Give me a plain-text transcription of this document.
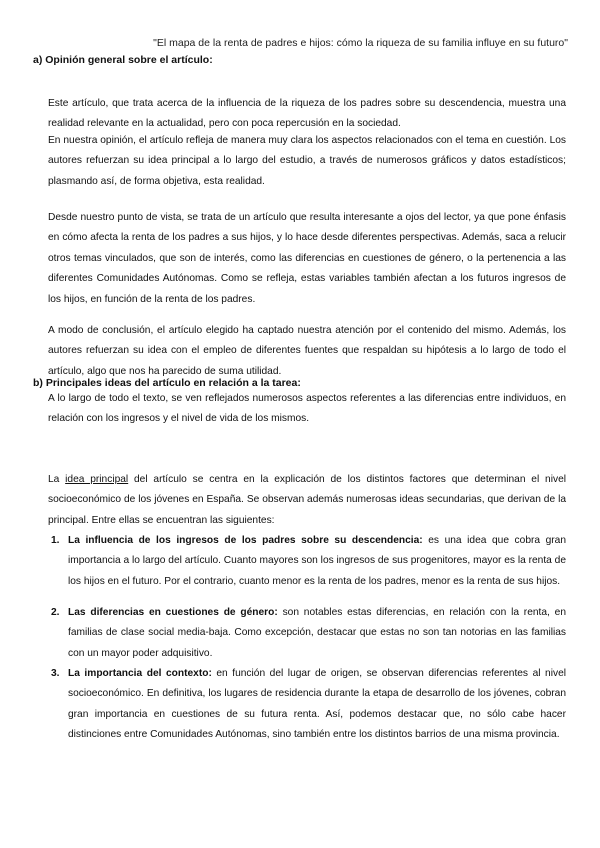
"El mapa de la renta de padres e hijos: cómo la riqueza de su familia influye en su futuro"
a) Opinión general sobre el artículo:

Este artículo, que trata acerca de la influencia de la riqueza de los padres sobre su descendencia, muestra una realidad relevante en la actualidad, pero con poca repercusión en la sociedad.

En nuestra opinión, el artículo refleja de manera muy clara los aspectos relacionados con el tema en cuestión. Los autores refuerzan su idea principal a lo largo del estudio, a través de numerosos gráficos y datos estadísticos; plasmando así, de forma objetiva, esta realidad.

Desde nuestro punto de vista, se trata de un artículo que resulta interesante a ojos del lector, ya que pone énfasis en cómo afecta la renta de los padres a sus hijos, y lo hace desde diferentes perspectivas. Además, saca a relucir otros temas vinculados, que son de interés, como las diferencias en cuestiones de género, o la pertenencia a las diferentes Comunidades Autónomas. Como se refleja, estas variables también afectan a los futuros ingresos de los hijos, en función de la renta de los padres.

A modo de conclusión, el artículo elegido ha captado nuestra atención por el contenido del mismo. Además, los autores refuerzan su idea con el empleo de diferentes fuentes que respaldan su hipótesis a lo largo de todo el artículo, algo que nos ha parecido de suma utilidad.

b) Principales ideas del artículo en relación a la tarea:

A lo largo de todo el texto, se ven reflejados numerosos aspectos referentes a las diferencias entre individuos, en relación con los ingresos y el nivel de vida de los mismos.

La idea principal del artículo se centra en la explicación de los distintos factores que determinan el nivel socioeconómico de los jóvenes en España. Se observan además numerosas ideas secundarias, que derivan de la principal. Entre ellas se encuentran las siguientes:

1. La influencia de los ingresos de los padres sobre su descendencia: es una idea que cobra gran importancia a lo largo del artículo. Cuanto mayores son los ingresos de sus progenitores, mayor es la renta de los hijos en el futuro. Por el contrario, cuanto menor es la renta de los padres, menor es la renta de sus hijos.
2. Las diferencias en cuestiones de género: son notables estas diferencias, en relación con la renta, en familias de clase social media-baja. Como excepción, destacar que estas no son tan notorias en las familias con un mayor poder adquisitivo.
3. La importancia del contexto: en función del lugar de origen, se observan diferencias referentes al nivel socioeconómico. En definitiva, los lugares de residencia durante la etapa de desarrollo de los jóvenes, cobran gran importancia en cuestiones de su futura renta. Así, podemos destacar que, no sólo cabe hacer distinciones entre Comunidades Autónomas, sino también entre los distintos barrios de una misma provincia.
